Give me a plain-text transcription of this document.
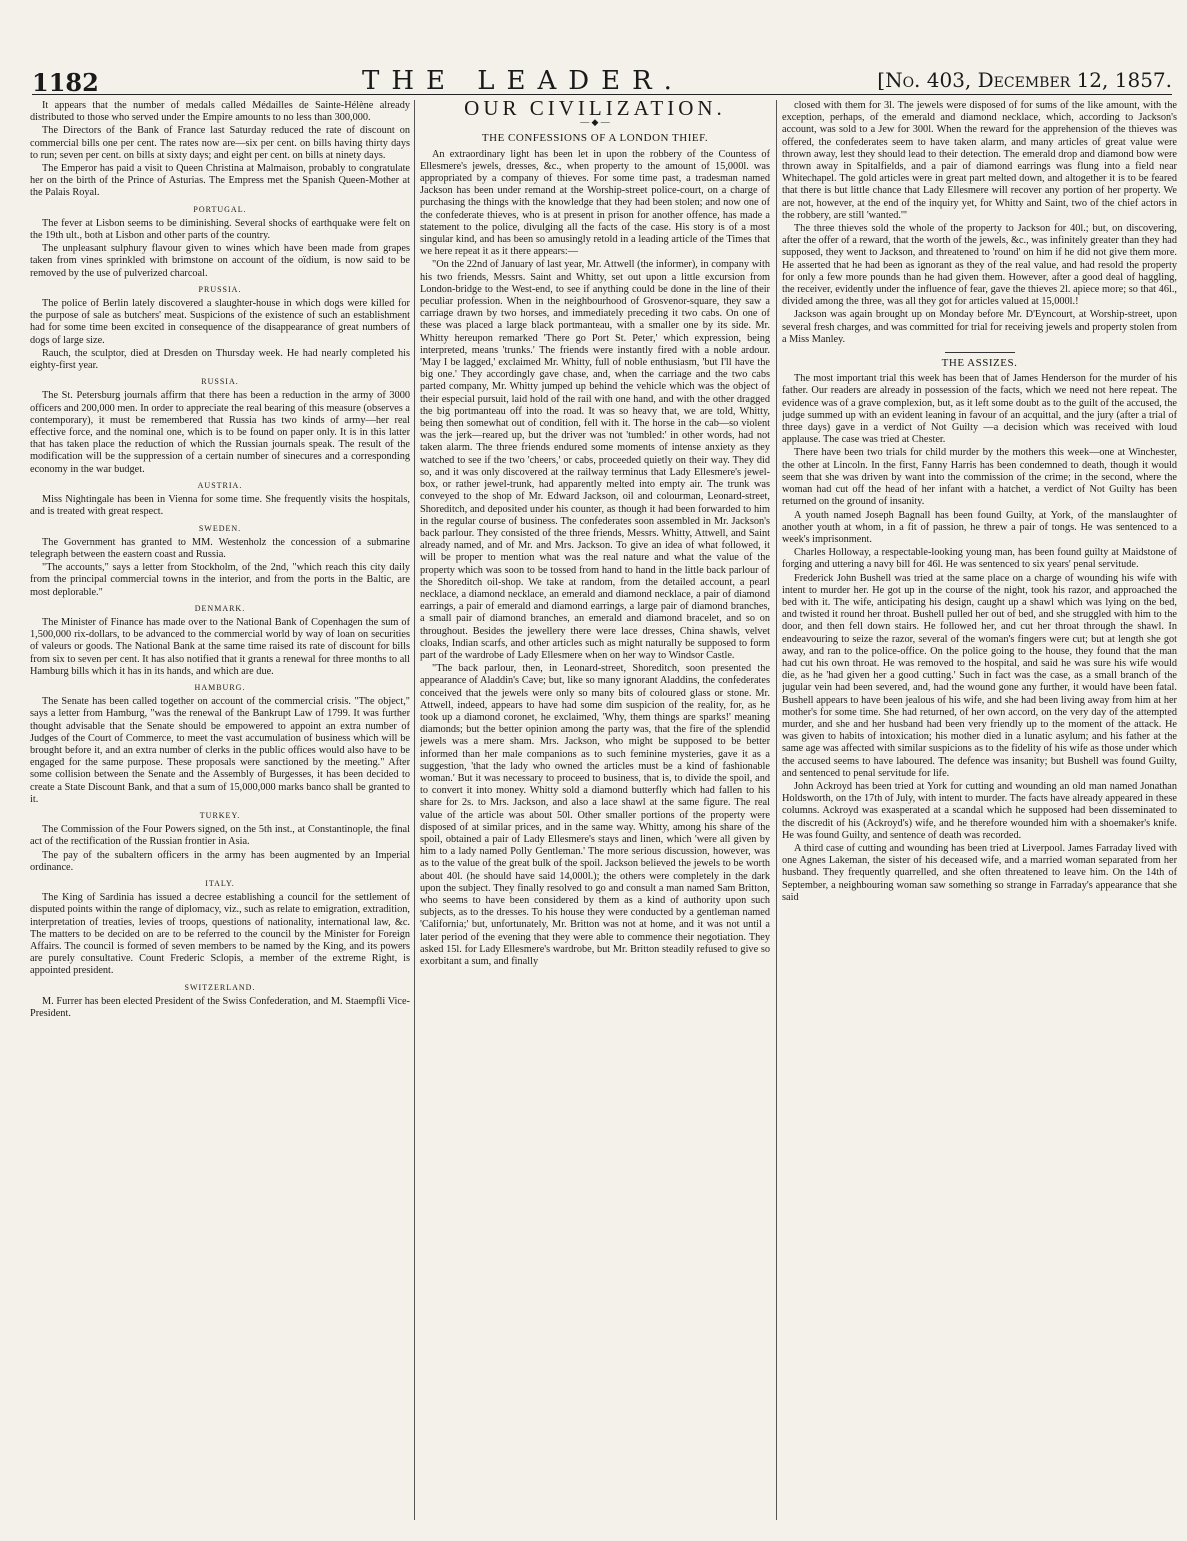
1182	THE LEADER.	[No. 403, December 12, 1857.

It appears that the number of medals called Médailles de Sainte-Hélène already distributed to those who served under the Empire amounts to no less than 300,000.

The Directors of the Bank of France last Saturday reduced the rate of discount on commercial bills one per cent. The rates now are—six per cent. on bills having thirty days to run; seven per cent. on bills at sixty days; and eight per cent. on bills at ninety days.

The Emperor has paid a visit to Queen Christina at Malmaison, probably to congratulate her on the birth of the Prince of Asturias. The Empress met the Spanish Queen-Mother at the Palais Royal.

PORTUGAL.

The fever at Lisbon seems to be diminishing. Several shocks of earthquake were felt on the 19th ult., both at Lisbon and other parts of the country.

The unpleasant sulphury flavour given to wines which have been made from grapes taken from vines sprinkled with brimstone on account of the oïdium, is now said to be removed by the use of pulverized charcoal.

PRUSSIA.

The police of Berlin lately discovered a slaughter-house in which dogs were killed for the purpose of sale as butchers' meat. Suspicions of the existence of such an establishment had for some time been excited in consequence of the disappearance of great numbers of dogs of large size.

Rauch, the sculptor, died at Dresden on Thursday week. He had nearly completed his eighty-first year.

RUSSIA.

The St. Petersburg journals affirm that there has been a reduction in the army of 3000 officers and 200,000 men. In order to appreciate the real bearing of this measure (observes a contemporary), it must be remembered that Russia has two kinds of army—her real effective force, and the nominal one, which is to be found on paper only. It is in this latter that has taken place the reduction of which the Russian journals speak. The result of the modification will be the suppression of a certain number of sinecures and a corresponding economy in the war budget.

AUSTRIA.

Miss Nightingale has been in Vienna for some time. She frequently visits the hospitals, and is treated with great respect.

SWEDEN.

The Government has granted to MM. Westenholz the concession of a submarine telegraph between the eastern coast and Russia.

"The accounts," says a letter from Stockholm, of the 2nd, "which reach this city daily from the principal commercial towns in the interior, and from the ports in the Baltic, are most deplorable."

DENMARK.

The Minister of Finance has made over to the National Bank of Copenhagen the sum of 1,500,000 rix-dollars, to be advanced to the commercial world by way of loan on securities of valeurs or goods. The National Bank at the same time raised its rate of discount for bills from six to seven per cent. It has also notified that it grants a renewal for three months to all Hamburg bills which it has in its hands, and which are due.

HAMBURG.

The Senate has been called together on account of the commercial crisis. "The object," says a letter from Hamburg, "was the renewal of the Bankrupt Law of 1799. It was further thought advisable that the Senate should be empowered to appoint an extra number of Judges of the Court of Commerce, to meet the vast accumulation of business which will be brought before it, and an extra number of clerks in the public offices would also have to be engaged for the same purpose. These proposals were sanctioned by the meeting." After some collision between the Senate and the Assembly of Burgesses, it has been decided to create a State Discount Bank, and that a sum of 15,000,000 marks banco shall be granted to it.

TURKEY.

The Commission of the Four Powers signed, on the 5th inst., at Constantinople, the final act of the rectification of the Russian frontier in Asia.

The pay of the subaltern officers in the army has been augmented by an Imperial ordinance.

ITALY.

The King of Sardinia has issued a decree establishing a council for the settlement of disputed points within the range of diplomacy, viz., such as relate to emigration, extradition, interpretation of treaties, levies of troops, questions of nationality, international law, &c. The matters to be decided on are to be referred to the council by the Minister for Foreign Affairs. The council is formed of seven members to be named by the King, and its powers are purely consultative. Count Frederic Sclopis, a member of the extreme Right, is appointed president.

SWITZERLAND.

M. Furrer has been elected President of the Swiss Confederation, and M. Staempfli Vice-President.

OUR CIVILIZATION.
— ◆ —
THE CONFESSIONS OF A LONDON THIEF.

An extraordinary light has been let in upon the robbery of the Countess of Ellesmere's jewels, dresses, &c., when property to the amount of 15,000l. was appropriated by a company of thieves. For some time past, a tradesman named Jackson has been under remand at the Worship-street police-court, on a charge of purchasing the things with the knowledge that they had been stolen; and now one of the confederate thieves, who is at present in prison for another offence, has made a statement to the police, divulging all the facts of the case. His story is of a most singular kind, and has been so amusingly retold in a leading article of the Times that we here repeat it as it there appears:—

"On the 22nd of January of last year, Mr. Attwell (the informer), in company with his two friends, Messrs. Saint and Whitty, set out upon a little excursion from London-bridge to the West-end, to see if anything could be done in the line of their peculiar profession. When in the neighbourhood of Grosvenor-square, they saw a carriage drawn by two horses, and immediately preceding it two cabs. On one of these was placed a large black portmanteau, with a smaller one by its side. Mr. Whitty hereupon remarked 'There go Port St. Peter,' which expression, being interpreted, means 'trunks.' The friends were instantly fired with a noble ardour. 'May I be lagged,' exclaimed Mr. Whitty, full of noble enthusiasm, 'but I'll have the big one.' They accordingly gave chase, and, when the carriage and the two cabs parted company, Mr. Whitty jumped up behind the vehicle which was the object of their especial pursuit, laid hold of the rail with one hand, and with the other dragged the big portmanteau off into the road. It was so heavy that, we are told, Whitty, being then somewhat out of condition, fell with it. The horse in the cab—so violent was the jerk—reared up, but the driver was not 'tumbled:' in other words, had not taken alarm. The three friends endured some moments of intense anxiety as they watched to see if the two 'cheers,' or cabs, proceeded quietly on their way. They did so, and it was only discovered at the railway terminus that Lady Ellesmere's jewel-box, or rather jewel-trunk, had apparently melted into empty air. The trunk was conveyed to the shop of Mr. Edward Jackson, oil and colourman, Leonard-street, Shoreditch, and deposited under his counter, as though it had been forwarded to him in the regular course of business. The confederates soon assembled in Mr. Jackson's back parlour. They consisted of the three friends, Messrs. Whitty, Attwell, and Saint already named, and of Mr. and Mrs. Jackson. To give an idea of what followed, it will be proper to mention what was the real nature and what the value of the property which was soon to be tossed from hand to hand in the little back parlour of the Shoreditch oil-shop. We take at random, from the detailed account, a pearl necklace, a diamond necklace, an emerald and diamond necklace, a pair of diamond earrings, a pair of emerald and diamond earrings, a large pair of diamond branches, a small pair of diamond branches, an emerald and diamond bracelet, and so on throughout. Besides the jewellery there were lace dresses, China shawls, velvet cloaks, Indian scarfs, and other articles such as might naturally be supposed to form part of the wardrobe of Lady Ellesmere when on her way to Windsor Castle.

"The back parlour, then, in Leonard-street, Shoreditch, soon presented the appearance of Aladdin's Cave; but, like so many ignorant Aladdins, the confederates conceived that the jewels were only so many bits of coloured glass or stone. Mr. Attwell, indeed, appears to have had some dim suspicion of the reality, for, as he took up a diamond coronet, he exclaimed, 'Why, them things are sparks!' meaning diamonds; but the better opinion among the party was, that the fire of the splendid jewels was a mere sham. Mrs. Jackson, who might be supposed to be better informed than her male companions as to such feminine mysteries, gave it as a suggestion, 'that the lady who owned the articles must be a kind of fashionable woman.' But it was necessary to proceed to business, that is, to divide the spoil, and to convert it into money. Whitty sold a diamond butterfly which had fallen to his share for 2s. to Mrs. Jackson, and also a lace shawl at the same figure. The real value of the article was about 50l. Other smaller portions of the property were disposed of at similar prices, and in the same way. Whitty, among his share of the spoil, obtained a pair of Lady Ellesmere's stays and linen, which 'were all given by him to a lady named Polly Gentleman.' The more serious discussion, however, was as to the value of the great bulk of the spoil. Jackson believed the jewels to be worth about 40l. (he should have said 14,000l.); the others were completely in the dark upon the subject. They finally resolved to go and consult a man named Sam Britton, who seems to have been considered by them as a kind of authority upon such subjects, as to the dresses. To his house they were conducted by a gentleman named 'California;' but, unfortunately, Mr. Britton was not at home, and it was not until a later period of the evening that they were able to commence their negotiation. They asked 15l. for Lady Ellesmere's wardrobe, but Mr. Britton steadily refused to give so exorbitant a sum, and finally

closed with them for 3l. The jewels were disposed of for sums of the like amount, with the exception, perhaps, of the emerald and diamond necklace, which, according to Jackson's account, was sold to a Jew for 300l. When the reward for the apprehension of the thieves was offered, the confederates seem to have taken alarm, and many articles of great value were thrown away, lest they should lead to their detection. The emerald drop and diamond bow were thrown away in Spitalfields, and a pair of diamond earrings was flung into a field near Whitechapel. The gold articles were in great part melted down, and altogether it is to be feared that there is but little chance that Lady Ellesmere will recover any portion of her property. We are not, however, at the end of the inquiry yet, for Whitty and Saint, two of the chief actors in the robbery, are still 'wanted.'"

The three thieves sold the whole of the property to Jackson for 40l.; but, on discovering, after the offer of a reward, that the worth of the jewels, &c., was infinitely greater than they had supposed, they went to Jackson, and threatened to 'round' on him if he did not give them more. He asserted that he had been as ignorant as they of the real value, and had resold the property for only a few more pounds than he had given them. However, after a good deal of haggling, the receiver, evidently under the influence of fear, gave the thieves 2l. apiece more; so that 46l., divided among the three, was all they got for articles valued at 15,000l.!

Jackson was again brought up on Monday before Mr. D'Eyncourt, at Worship-street, upon several fresh charges, and was committed for trial for receiving jewels and property stolen from a Miss Manley.

THE ASSIZES.

The most important trial this week has been that of James Henderson for the murder of his father. Our readers are already in possession of the facts, which we need not here repeat. The evidence was of a grave complexion, but, as it left some doubt as to the guilt of the accused, the judge summed up with an evident leaning in favour of an acquittal, and the jury (after a trial of three days) gave in a verdict of Not Guilty —a decision which was received with loud applause. The case was tried at Chester.

There have been two trials for child murder by the mothers this week—one at Winchester, the other at Lincoln. In the first, Fanny Harris has been condemned to death, though it would seem that she was driven by want into the commission of the crime; in the second, where the woman had cut off the head of her infant with a hatchet, a verdict of Not Guilty has been returned on the ground of insanity.

A youth named Joseph Bagnall has been found Guilty, at York, of the manslaughter of another youth at whom, in a fit of passion, he threw a pair of tongs. He was sentenced to a week's imprisonment.

Charles Holloway, a respectable-looking young man, has been found guilty at Maidstone of forging and uttering a navy bill for 46l. He was sentenced to six years' penal servitude.

Frederick John Bushell was tried at the same place on a charge of wounding his wife with intent to murder her. He got up in the course of the night, took his razor, and approached the bed with it. The wife, anticipating his design, caught up a shawl which was lying on the bed, and twisted it round her throat. Bushell pulled her out of bed, and she struggled with him to the door, and then fell down stairs. He followed her, and cut her throat through the shawl. In endeavouring to seize the razor, several of the woman's fingers were cut; but at length she got away, and ran to the police-office. On the police going to the house, they found that the man had cut his own throat. He was removed to the hospital, and said he was sure his wife would die, as he 'had given her a good cutting.' Such in fact was the case, as a small branch of the jugular vein had been severed, and, had the wound gone any further, it would have been fatal. Bushell appears to have been jealous of his wife, and she had been living away from him at her mother's for some time. She had returned, of her own accord, on the very day of the attempted murder, and she and her husband had been very friendly up to the moment of the attack. He was given to habits of intoxication; his mother died in a lunatic asylum; and his father at the same age was affected with similar suspicions as to the fidelity of his wife as those under which the accused seems to have laboured. The defence was insanity; but Bushell was found Guilty, and sentenced to penal servitude for life.

John Ackroyd has been tried at York for cutting and wounding an old man named Jonathan Holdsworth, on the 17th of July, with intent to murder. The facts have already appeared in these columns. Ackroyd was exasperated at a scandal which he supposed had been disseminated to the discredit of his (Ackroyd's) wife, and he therefore wounded him with a shoemaker's knife. He was found Guilty, and sentence of death was recorded.

A third case of cutting and wounding has been tried at Liverpool. James Farraday lived with one Agnes Lakeman, the sister of his deceased wife, and a married woman separated from her husband. They frequently quarrelled, and she often threatened to leave him. On the 14th of September, a neighbouring woman saw something so strange in Farraday's appearance that she said
